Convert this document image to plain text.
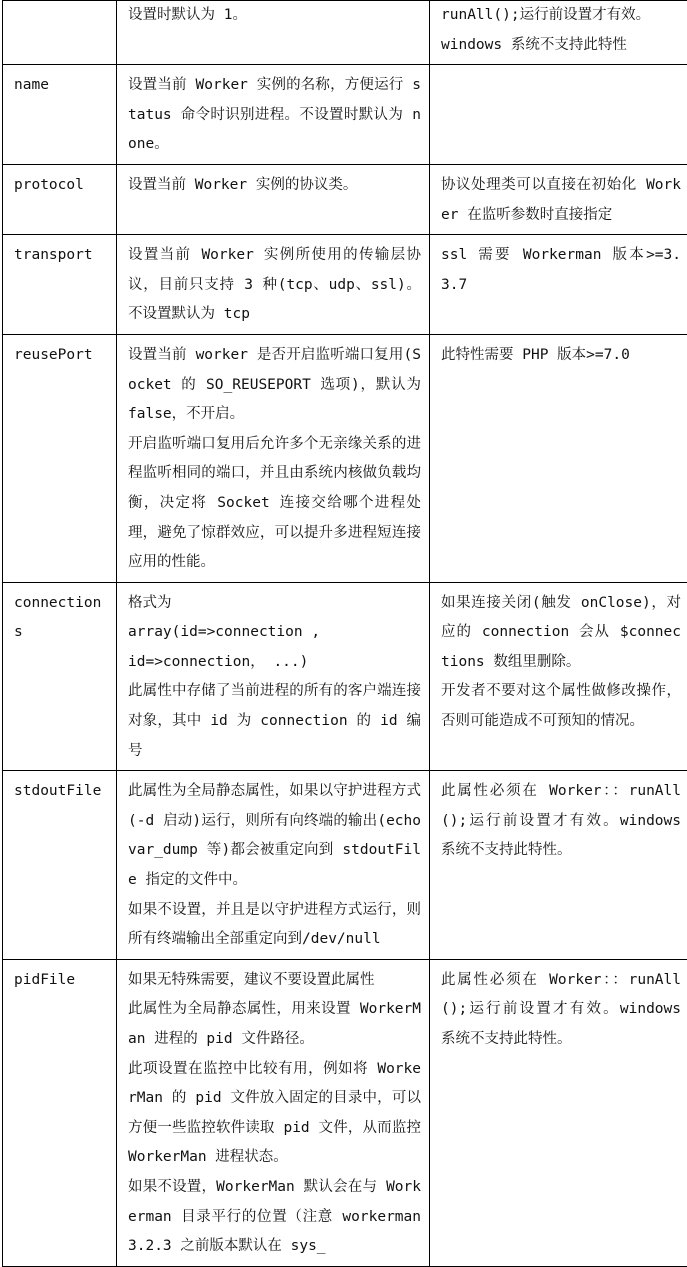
	设置时默认为 1。	runAll();运行前设置才有效。
windows 系统不支持此特性

name	设置当前 Worker 实例的名称，方便运行 status 命令时识别进程。不设置时默认为 none。	

protocol	设置当前 Worker 实例的协议类。	协议处理类可以直接在初始化 Worker 在监听参数时直接指定

transport	设置当前 Worker 实例所使用的传输层协议，目前只支持 3 种(tcp、udp、ssl)。不设置默认为 tcp	ssl 需要 Workerman 版本>=3.3.7

reusePort	设置当前 worker 是否开启监听端口复用(Socket 的 SO_REUSEPORT 选项)，默认为 false，不开启。
开启监听端口复用后允许多个无亲缘关系的进程监听相同的端口，并且由系统内核做负载均衡，决定将 Socket 连接交给哪个进程处理，避免了惊群效应，可以提升多进程短连接应用的性能。	此特性需要 PHP 版本>=7.0

connections	格式为
array(id=>connection ,
id=>connection， ...)
此属性中存储了当前进程的所有的客户端连接对象，其中 id 为 connection 的 id 编号	如果连接关闭(触发 onClose)，对应的 connection 会从 $connections 数组里删除。
开发者不要对这个属性做修改操作，否则可能造成不可预知的情况。

stdoutFile	此属性为全局静态属性，如果以守护进程方式(-d 启动)运行，则所有向终端的输出(echo var_dump 等)都会被重定向到 stdoutFile 指定的文件中。
如果不设置，并且是以守护进程方式运行，则所有终端输出全部重定向到/dev/null	此属性必须在 Worker：：runAll();运行前设置才有效。windows 系统不支持此特性。

pidFile	如果无特殊需要，建议不要设置此属性
此属性为全局静态属性，用来设置 WorkerMan 进程的 pid 文件路径。
此项设置在监控中比较有用，例如将 WorkerMan 的 pid 文件放入固定的目录中，可以方便一些监控软件读取 pid 文件，从而监控 WorkerMan 进程状态。
如果不设置，WorkerMan 默认会在与 Workerman 目录平行的位置（注意 workerman3.2.3 之前版本默认在 sys_	此属性必须在 Worker：：runAll();运行前设置才有效。windows 系统不支持此特性。
